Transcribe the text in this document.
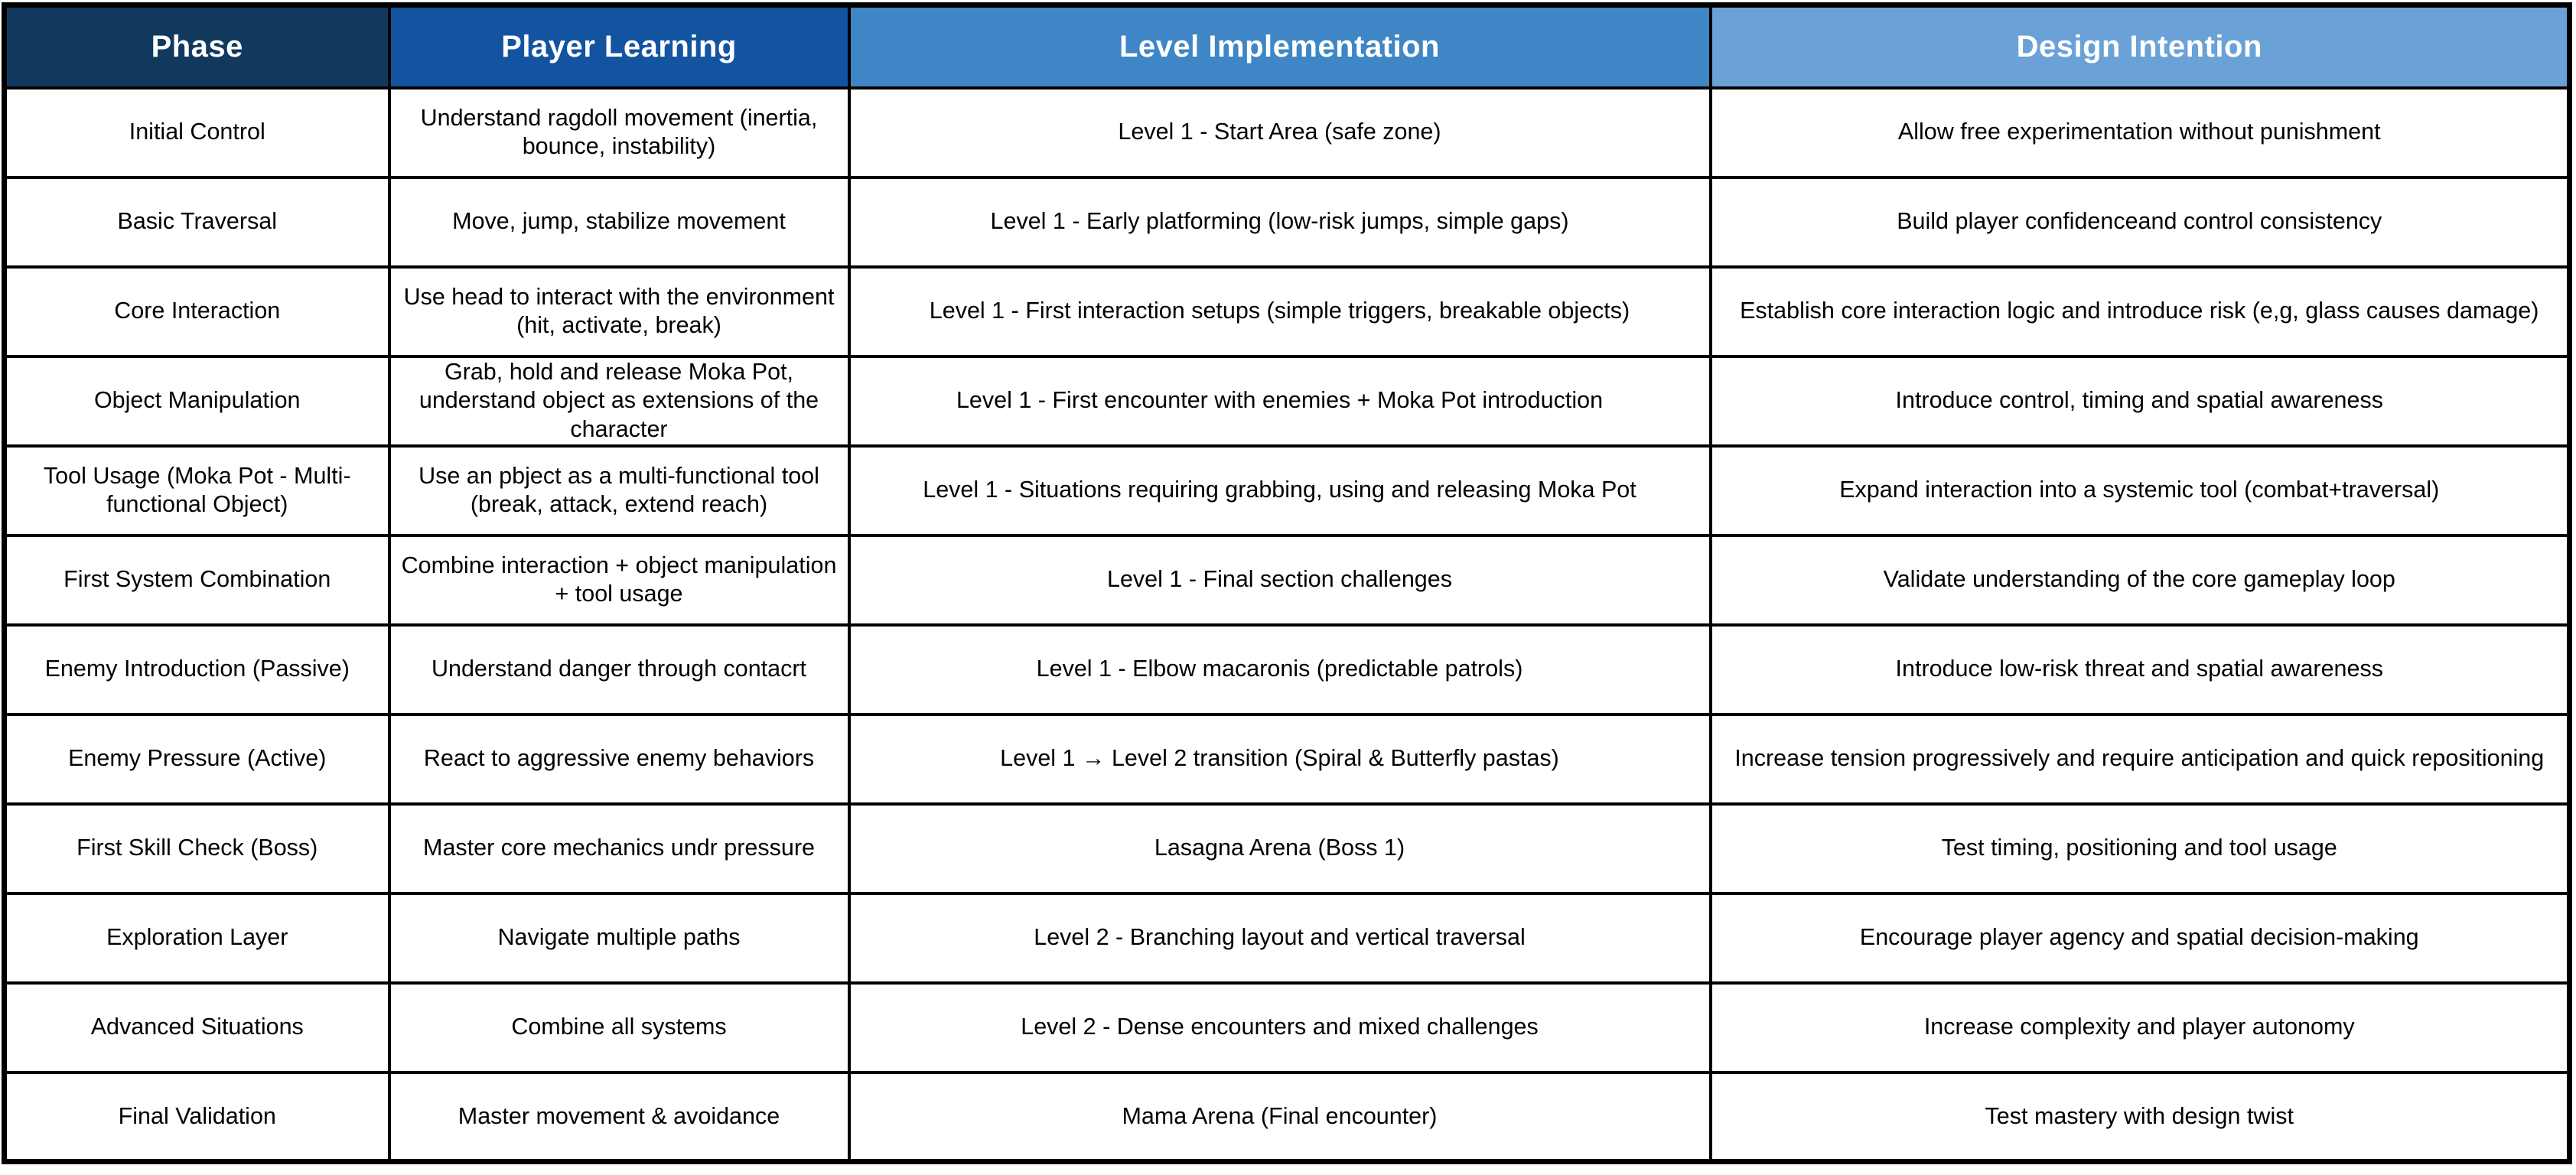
Phase	Player Learning	Level Implementation	Design Intention
Initial Control	Understand ragdoll movement (inertia, bounce, instability)	Level 1 - Start Area (safe zone)	Allow free experimentation without punishment
Basic Traversal	Move, jump, stabilize movement	Level 1 - Early platforming (low-risk jumps, simple gaps)	Build player confidenceand control consistency
Core Interaction	Use head to interact with the environment (hit, activate, break)	Level 1 - First interaction setups (simple triggers, breakable objects)	Establish core interaction logic and introduce risk (e,g, glass causes damage)
Object Manipulation	Grab, hold and release Moka Pot, understand object as extensions of the character	Level 1 - First encounter with enemies + Moka Pot introduction	Introduce control, timing and spatial awareness
Tool Usage (Moka Pot - Multi-functional Object)	Use an pbject as a multi-functional tool (break, attack, extend reach)	Level 1 - Situations requiring grabbing, using and releasing Moka Pot	Expand interaction into a systemic tool (combat+traversal)
First System Combination	Combine interaction + object manipulation + tool usage	Level 1 - Final section challenges	Validate understanding of the core gameplay loop
Enemy Introduction (Passive)	Understand danger through contacrt	Level 1 - Elbow macaronis (predictable patrols)	Introduce low-risk threat and spatial awareness
Enemy Pressure (Active)	React to aggressive enemy behaviors	Level 1 → Level 2 transition (Spiral & Butterfly pastas)	Increase tension progressively and require anticipation and quick repositioning
First Skill Check (Boss)	Master core mechanics undr pressure	Lasagna Arena (Boss 1)	Test timing, positioning and tool usage
Exploration Layer	Navigate multiple paths	Level 2 - Branching layout and vertical traversal	Encourage player agency and spatial decision-making
Advanced Situations	Combine all systems	Level 2 - Dense encounters and mixed challenges	Increase complexity and player autonomy
Final Validation	Master movement & avoidance	Mama Arena (Final encounter)	Test mastery with design twist
